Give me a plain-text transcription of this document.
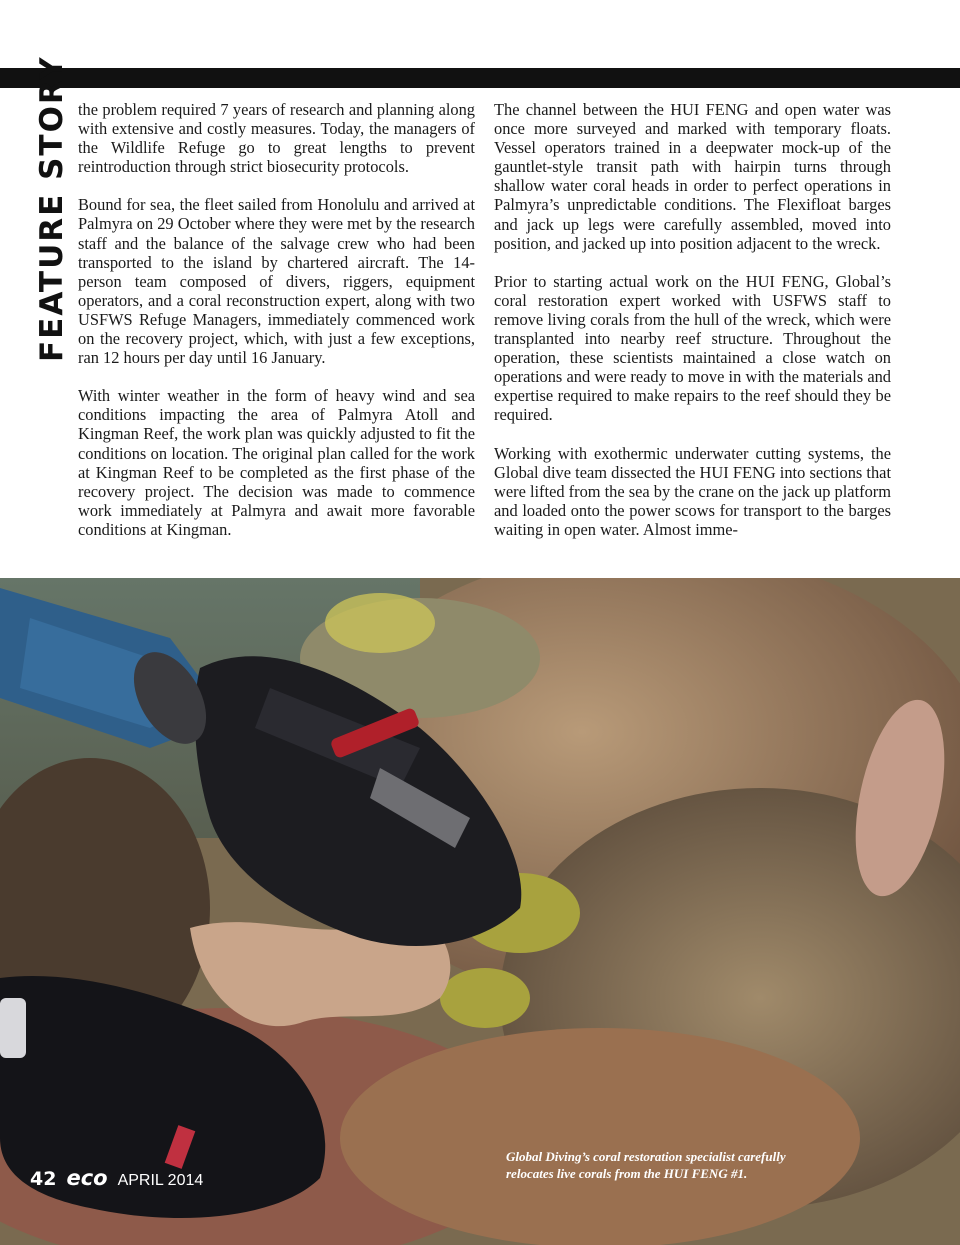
FEATURE STORY the problem required 7 years of research and planning along with extensive and costly measures. Today, the managers of the Wildlife Refuge go to great lengths to prevent reintroduction through strict biosecurity protocols.

Bound for sea, the fleet sailed from Honolulu and arrived at Palmyra on 29 October where they were met by the research staff and the balance of the salvage crew who had been transported to the island by chartered aircraft. The 14-person team composed of divers, riggers, equipment operators, and a coral reconstruction expert, along with two USFWS Refuge Managers, immediately commenced work on the recovery project, which, with just a few exceptions, ran 12 hours per day until 16 January.

With winter weather in the form of heavy wind and sea conditions impacting the area of Palmyra Atoll and Kingman Reef, the work plan was quickly adjusted to fit the conditions on location. The original plan called for the work at Kingman Reef to be completed as the first phase of the recovery project. The decision was made to commence work immediately at Palmyra and await more favorable conditions at Kingman.

The channel between the HUI FENG and open water was once more surveyed and marked with temporary floats. Vessel operators trained in a deepwater mock-up of the gauntlet-style transit path with hairpin turns through shallow water coral heads in order to perfect operations in Palmyra’s unpredictable conditions. The Flexifloat barges and jack up legs were carefully assembled, moved into position, and jacked up into position adjacent to the wreck.

Prior to starting actual work on the HUI FENG, Global’s coral restoration expert worked with USFWS staff to remove living corals from the hull of the wreck, which were transplanted into nearby reef structure. Throughout the operation, these scientists maintained a close watch on operations and were ready to move in with the materials and expertise required to make repairs to the reef should they be required.

Working with exothermic underwater cutting systems, the Global dive team dissected the HUI FENG into sections that were lifted from the sea by the crane on the jack up platform and loaded onto the power scows for transport to the barges waiting in open water. Almost imme-

Global Diving’s coral restoration specialist carefully relocates live corals from the HUI FENG #1.
42 eco APRIL 2014
